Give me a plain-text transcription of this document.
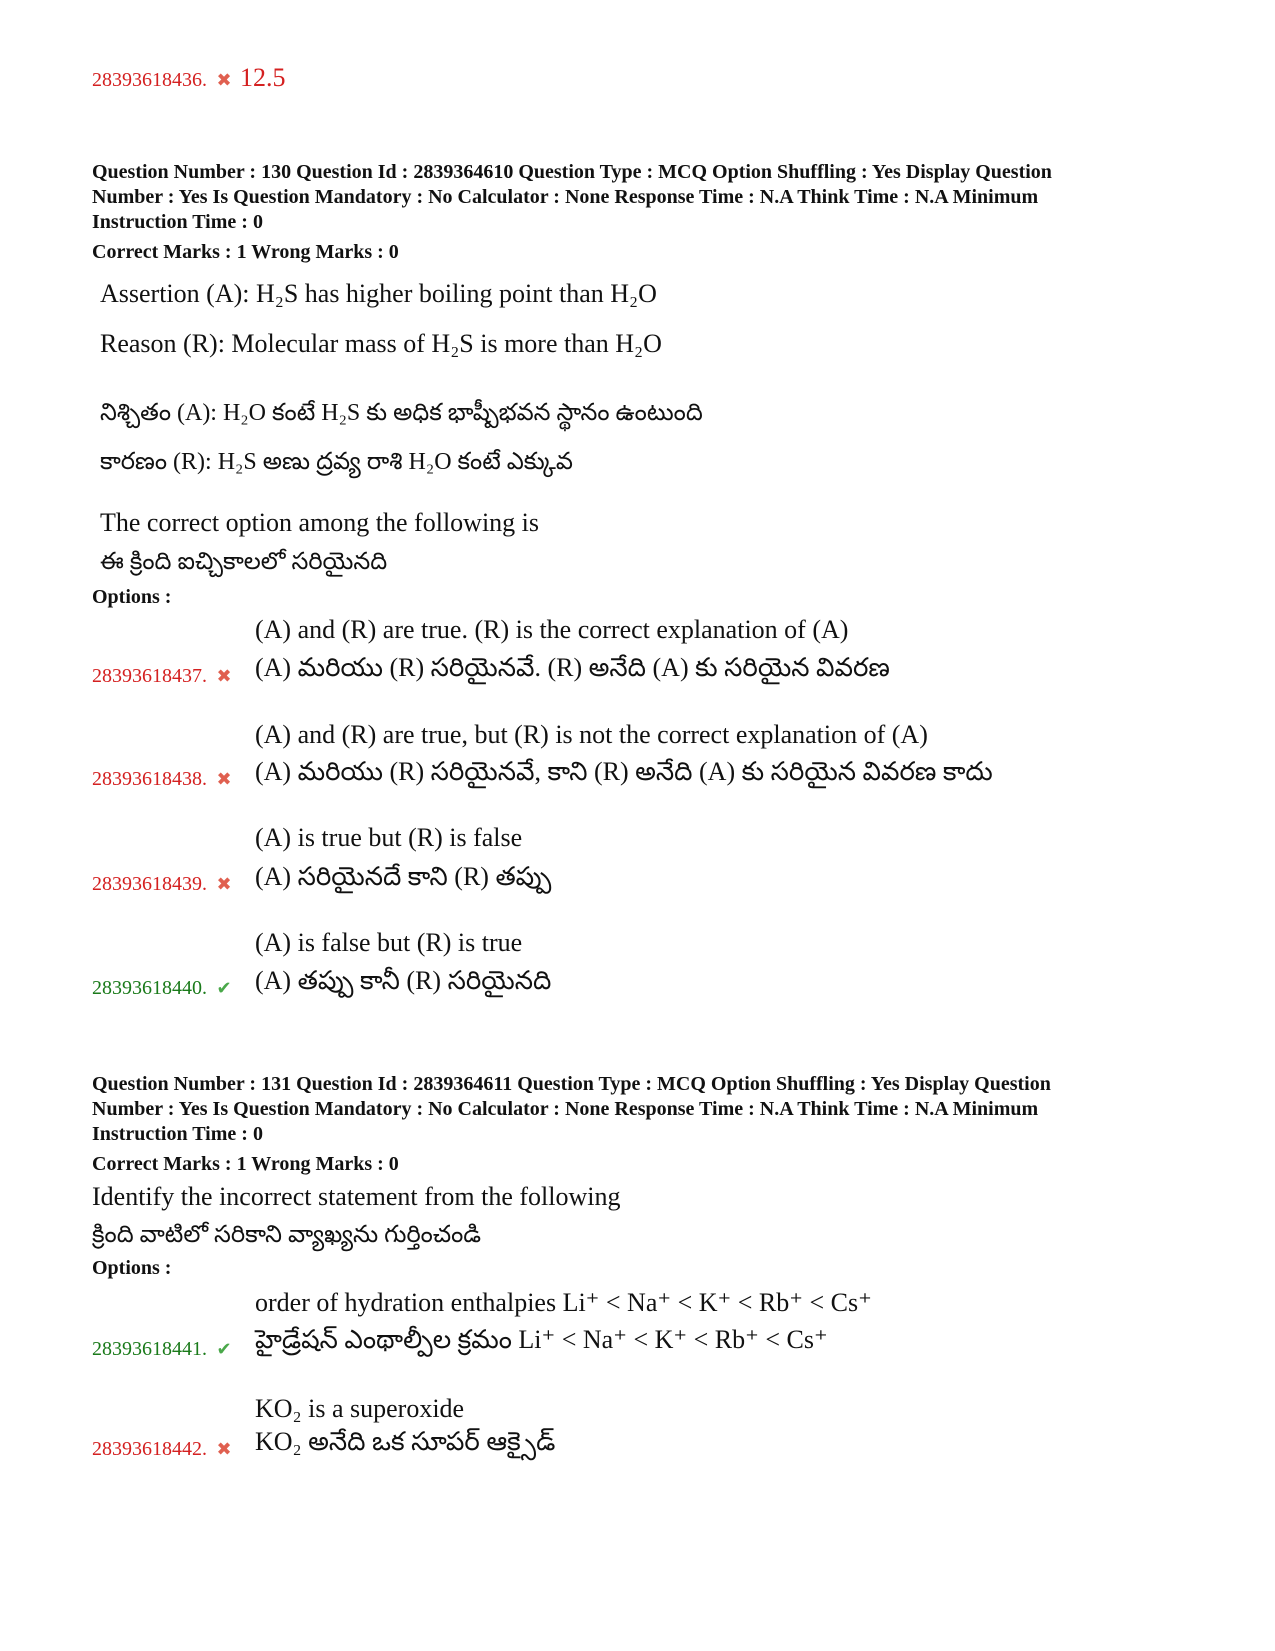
28393618436. ✖ 12.5
Question Number : 130 Question Id : 2839364610 Question Type : MCQ Option Shuffling : Yes Display Question Number : Yes Is Question Mandatory : No Calculator : None Response Time : N.A Think Time : N.A Minimum Instruction Time : 0
Correct Marks : 1 Wrong Marks : 0
Assertion (A): H₂S has higher boiling point than H₂O
Reason (R): Molecular mass of H₂S is more than H₂O
నిశ్చితం (A): H₂O కంటే H₂S కు అధిక భాష్పీభవన స్థానం ఉంటుంది
కారణం (R): H₂S అణు ద్రవ్య రాశి H₂O కంటే ఎక్కువ
The correct option among the following is
ఈ క్రింది ఐచ్చికాలలో సరియైనది
Options :
(A) and (R) are true. (R) is the correct explanation of (A)
(A) మరియు (R) సరియైనవే. (R) అనేది (A) కు సరియైన వివరణ
28393618437. ✖
(A) and (R) are true, but (R) is not the correct explanation of (A)
(A) మరియు (R) సరియైనవే, కాని (R) అనేది (A) కు సరియైన వివరణ కాదు
28393618438. ✖
(A) is true but (R) is false
(A) సరియైనదే కాని (R) తప్పు
28393618439. ✖
(A) is false but (R) is true
(A) తప్పు కానీ (R) సరియైనది
28393618440. ✔
Question Number : 131 Question Id : 2839364611 Question Type : MCQ Option Shuffling : Yes Display Question Number : Yes Is Question Mandatory : No Calculator : None Response Time : N.A Think Time : N.A Minimum Instruction Time : 0
Correct Marks : 1 Wrong Marks : 0
Identify the incorrect statement from the following
క్రింది వాటిలో సరికాని వ్యాఖ్యను గుర్తించండి
Options :
order of hydration enthalpies Li⁺ < Na⁺ < K⁺ < Rb⁺ < Cs⁺
హైడ్రేషన్ ఎంథాల్పీల క్రమం Li⁺ < Na⁺ < K⁺ < Rb⁺ < Cs⁺
28393618441. ✔
KO₂ is a superoxide
KO₂ అనేది ఒక సూపర్ ఆక్సైడ్
28393618442. ✖
